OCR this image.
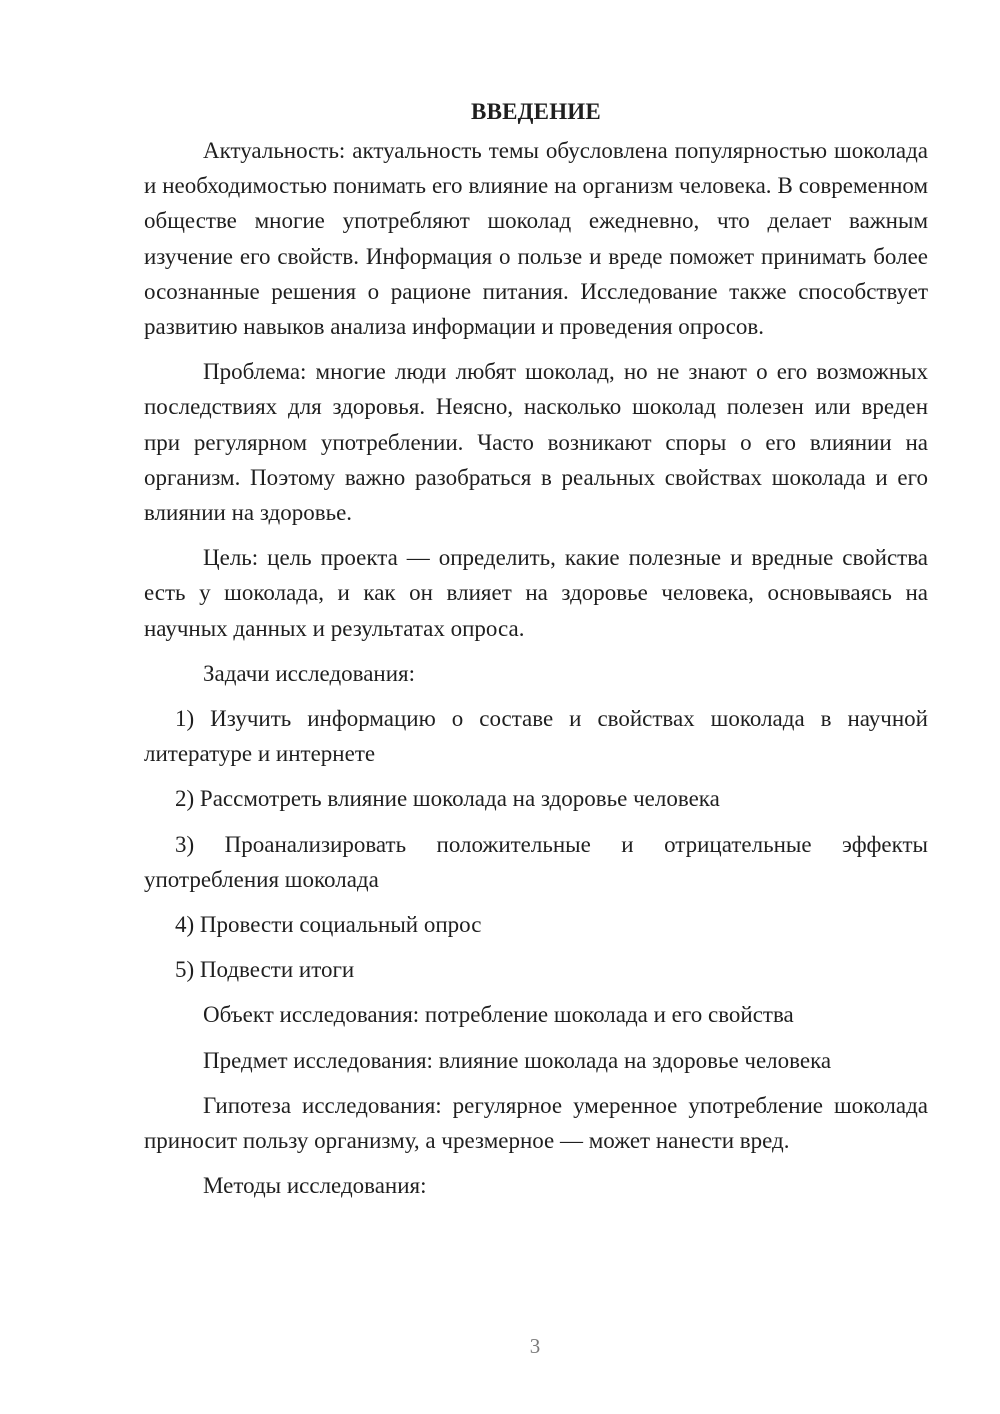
ВВЕДЕНИЕ

Актуальность: актуальность темы обусловлена популярностью шоколада и необходимостью понимать его влияние на организм человека. В современном обществе многие употребляют шоколад ежедневно, что делает важным изучение его свойств. Информация о пользе и вреде поможет принимать более осознанные решения о рационе питания. Исследование также способствует развитию навыков анализа информации и проведения опросов.

Проблема: многие люди любят шоколад, но не знают о его возможных последствиях для здоровья. Неясно, насколько шоколад полезен или вреден при регулярном употреблении. Часто возникают споры о его влиянии на организм. Поэтому важно разобраться в реальных свойствах шоколада и его влиянии на здоровье.

Цель: цель проекта — определить, какие полезные и вредные свойства есть у шоколада, и как он влияет на здоровье человека, основываясь на научных данных и результатах опроса.

Задачи исследования:

1) Изучить информацию о составе и свойствах шоколада в научной литературе и интернете

2) Рассмотреть влияние шоколада на здоровье человека

3) Проанализировать положительные и отрицательные эффекты употребления шоколада

4) Провести социальный опрос

5) Подвести итоги

Объект исследования: потребление шоколада и его свойства

Предмет исследования: влияние шоколада на здоровье человека

Гипотеза исследования: регулярное умеренное употребление шоколада приносит пользу организму, а чрезмерное — может нанести вред.

Методы исследования:

3
